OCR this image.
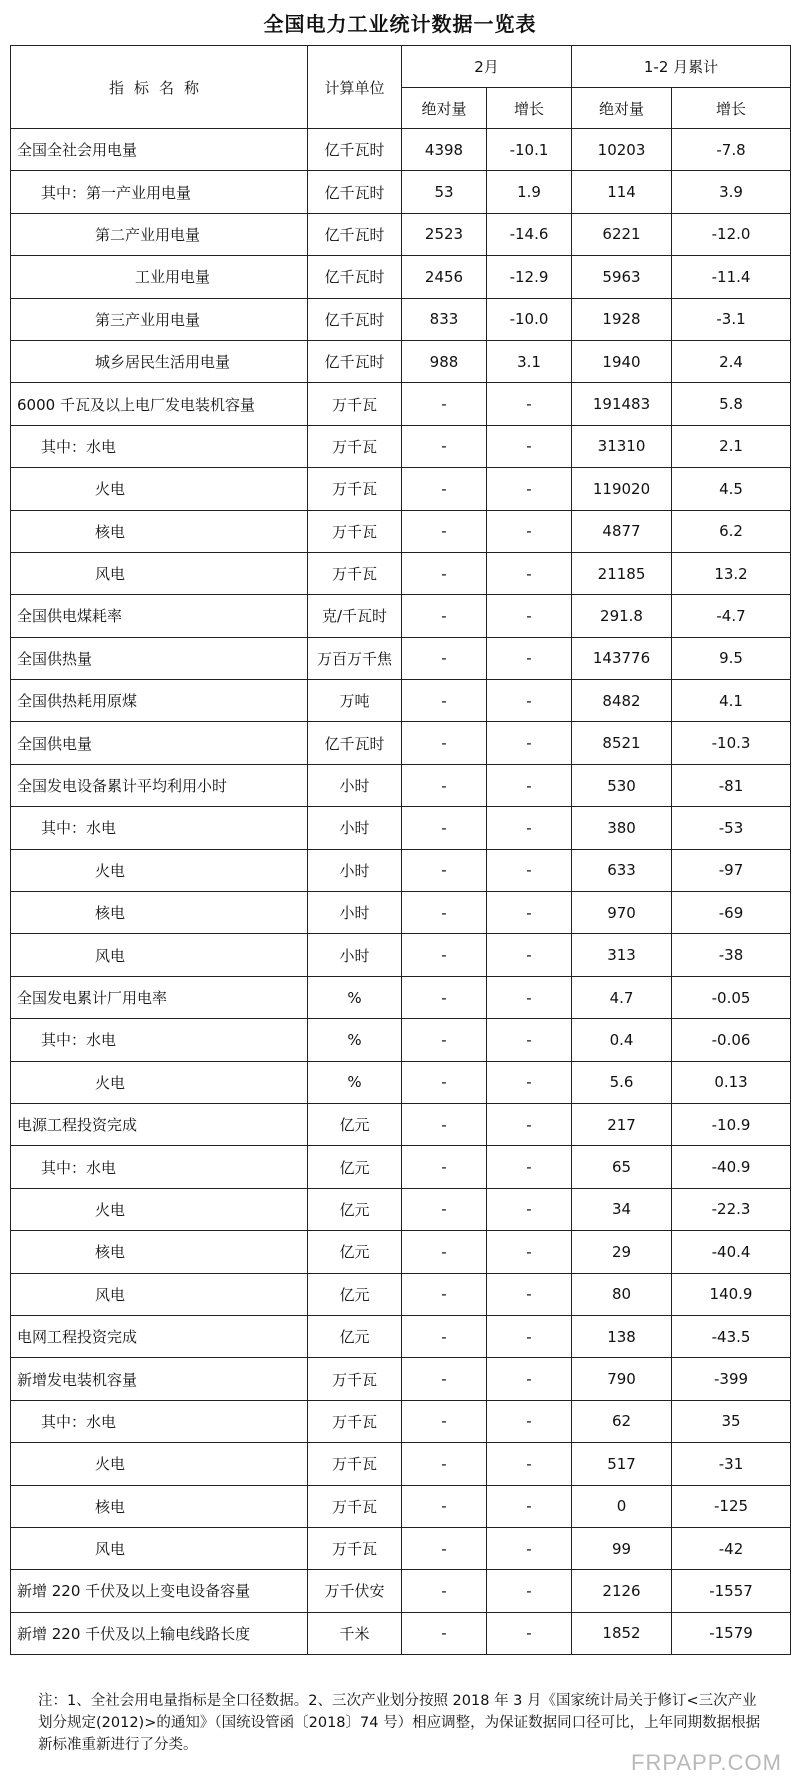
全国电力工业统计数据一览表
指标名称	计算单位	2月		1-2 月累计	
		绝对量	增长	绝对量	增长
全国全社会用电量	亿千瓦时	4398	-10.1	10203	-7.8
其中：第一产业用电量	亿千瓦时	53	1.9	114	3.9
第二产业用电量	亿千瓦时	2523	-14.6	6221	-12.0
工业用电量	亿千瓦时	2456	-12.9	5963	-11.4
第三产业用电量	亿千瓦时	833	-10.0	1928	-3.1
城乡居民生活用电量	亿千瓦时	988	3.1	1940	2.4
6000 千瓦及以上电厂发电装机容量	万千瓦	-	-	191483	5.8
其中：水电	万千瓦	-	-	31310	2.1
火电	万千瓦	-	-	119020	4.5
核电	万千瓦	-	-	4877	6.2
风电	万千瓦	-	-	21185	13.2
全国供电煤耗率	克/千瓦时	-	-	291.8	-4.7
全国供热量	万百万千焦	-	-	143776	9.5
全国供热耗用原煤	万吨	-	-	8482	4.1
全国供电量	亿千瓦时	-	-	8521	-10.3
全国发电设备累计平均利用小时	小时	-	-	530	-81
其中：水电	小时	-	-	380	-53
火电	小时	-	-	633	-97
核电	小时	-	-	970	-69
风电	小时	-	-	313	-38
全国发电累计厂用电率	%	-	-	4.7	-0.05
其中：水电	%	-	-	0.4	-0.06
火电	%	-	-	5.6	0.13
电源工程投资完成	亿元	-	-	217	-10.9
其中：水电	亿元	-	-	65	-40.9
火电	亿元	-	-	34	-22.3
核电	亿元	-	-	29	-40.4
风电	亿元	-	-	80	140.9
电网工程投资完成	亿元	-	-	138	-43.5
新增发电装机容量	万千瓦	-	-	790	-399
其中：水电	万千瓦	-	-	62	35
火电	万千瓦	-	-	517	-31
核电	万千瓦	-	-	0	-125
风电	万千瓦	-	-	99	-42
新增 220 千伏及以上变电设备容量	万千伏安	-	-	2126	-1557
新增 220 千伏及以上输电线路长度	千米	-	-	1852	-1579
注：1、全社会用电量指标是全口径数据。2、三次产业划分按照 2018 年 3 月《国家统计局关于修订<三次产业划分规定(2012)>的通知》（国统设管函〔2018〕74 号）相应调整，为保证数据同口径可比，上年同期数据根据新标准重新进行了分类。
FRPAPP.COM
